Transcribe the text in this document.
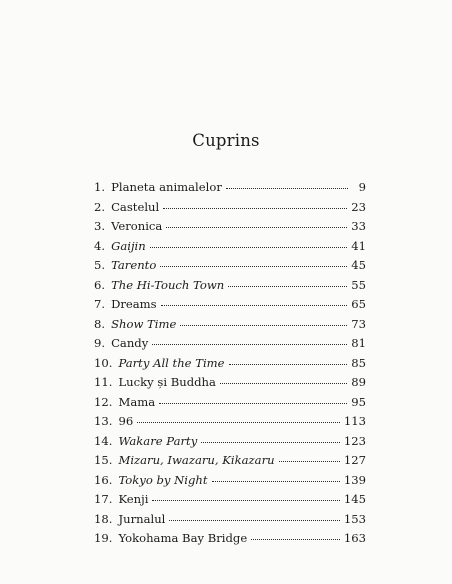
Cuprins
1. Planeta animalelor	9
2. Castelul	23
3. Veronica	33
4. Gaijin	41
5. Tarento	45
6. The Hi-Touch Town	55
7. Dreams	65
8. Show Time	73
9. Candy	81
10. Party All the Time	85
11. Lucky și Buddha	89
12. Mama	95
13. 96	113
14. Wakare Party	123
15. Mizaru, Iwazaru, Kikazaru	127
16. Tokyo by Night	139
17. Kenji	145
18. Jurnalul	153
19. Yokohama Bay Bridge	163
